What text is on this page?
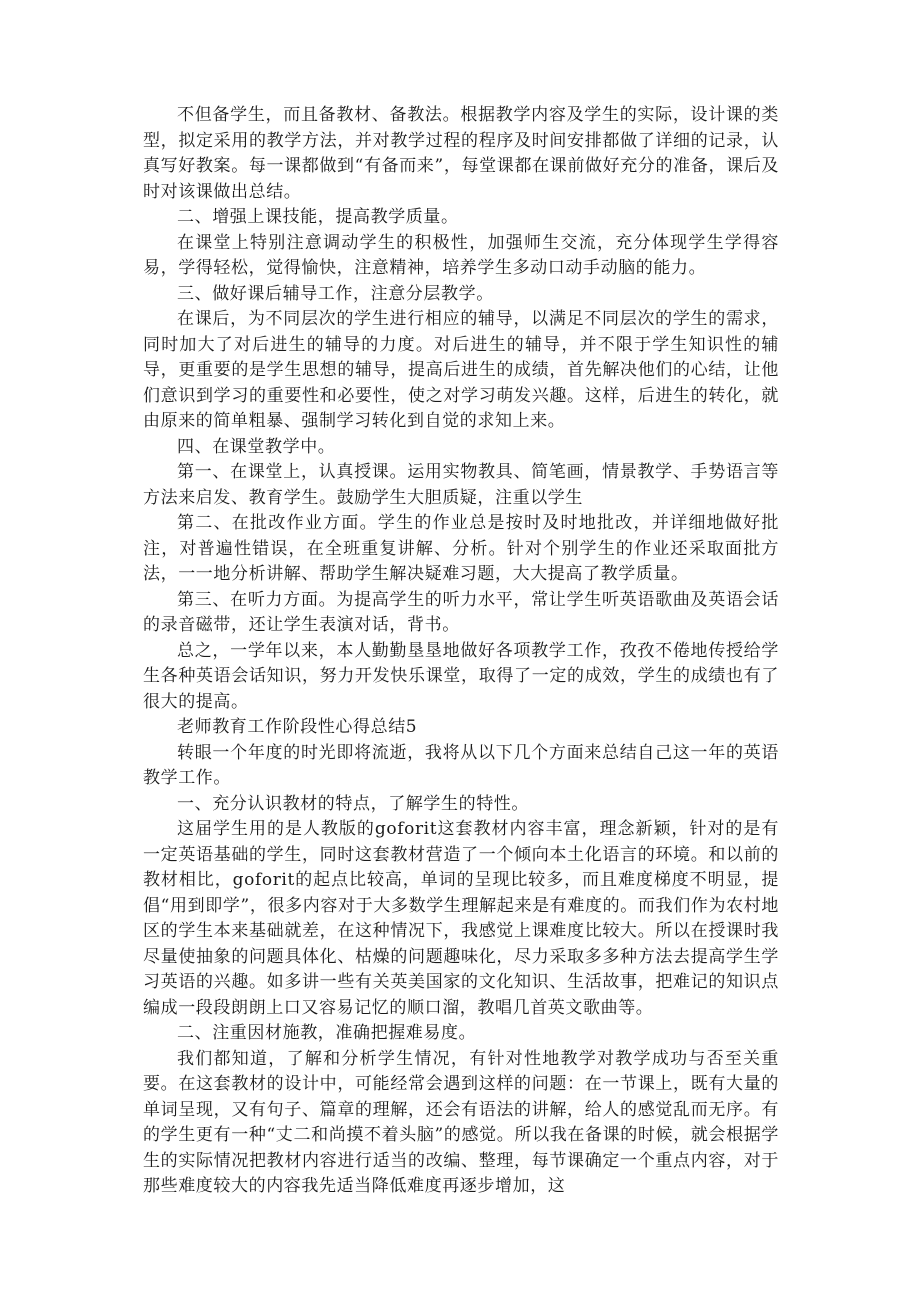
不但备学生，而且备教材、备教法。根据教学内容及学生的实际，设计课的类型，拟定采用的教学方法，并对教学过程的程序及时间安排都做了详细的记录，认真写好教案。每一课都做到“有备而来”，每堂课都在课前做好充分的准备，课后及时对该课做出总结。

二、增强上课技能，提高教学质量。

在课堂上特别注意调动学生的积极性，加强师生交流，充分体现学生学得容易，学得轻松，觉得愉快，注意精神，培养学生多动口动手动脑的能力。

三、做好课后辅导工作，注意分层教学。

在课后，为不同层次的学生进行相应的辅导，以满足不同层次的学生的需求，同时加大了对后进生的辅导的力度。对后进生的辅导，并不限于学生知识性的辅导，更重要的是学生思想的辅导，提高后进生的成绩，首先解决他们的心结，让他们意识到学习的重要性和必要性，使之对学习萌发兴趣。这样，后进生的转化，就由原来的简单粗暴、强制学习转化到自觉的求知上来。

四、在课堂教学中。

第一、在课堂上，认真授课。运用实物教具、简笔画，情景教学、手势语言等方法来启发、教育学生。鼓励学生大胆质疑，注重以学生

第二、在批改作业方面。学生的作业总是按时及时地批改，并详细地做好批注，对普遍性错误，在全班重复讲解、分析。针对个别学生的作业还采取面批方法，一一地分析讲解、帮助学生解决疑难习题，大大提高了教学质量。

第三、在听力方面。为提高学生的听力水平，常让学生听英语歌曲及英语会话的录音磁带，还让学生表演对话，背书。

总之，一学年以来，本人勤勤垦垦地做好各项教学工作，孜孜不倦地传授给学生各种英语会话知识，努力开发快乐课堂，取得了一定的成效，学生的成绩也有了很大的提高。

老师教育工作阶段性心得总结5

转眼一个年度的时光即将流逝，我将从以下几个方面来总结自己这一年的英语教学工作。

一、充分认识教材的特点，了解学生的特性。

这届学生用的是人教版的goforit这套教材内容丰富，理念新颖，针对的是有一定英语基础的学生，同时这套教材营造了一个倾向本土化语言的环境。和以前的教材相比，goforit的起点比较高，单词的呈现比较多，而且难度梯度不明显，提倡“用到即学”，很多内容对于大多数学生理解起来是有难度的。而我们作为农村地区的学生本来基础就差，在这种情况下，我感觉上课难度比较大。所以在授课时我尽量使抽象的问题具体化、枯燥的问题趣味化，尽力采取多多种方法去提高学生学习英语的兴趣。如多讲一些有关英美国家的文化知识、生活故事，把难记的知识点编成一段段朗朗上口又容易记忆的顺口溜，教唱几首英文歌曲等。

二、注重因材施教，准确把握难易度。

我们都知道，了解和分析学生情况，有针对性地教学对教学成功与否至关重要。在这套教材的设计中，可能经常会遇到这样的问题：在一节课上，既有大量的单词呈现，又有句子、篇章的理解，还会有语法的讲解，给人的感觉乱而无序。有的学生更有一种“丈二和尚摸不着头脑”的感觉。所以我在备课的时候，就会根据学生的实际情况把教材内容进行适当的改编、整理，每节课确定一个重点内容，对于那些难度较大的内容我先适当降低难度再逐步增加，这
